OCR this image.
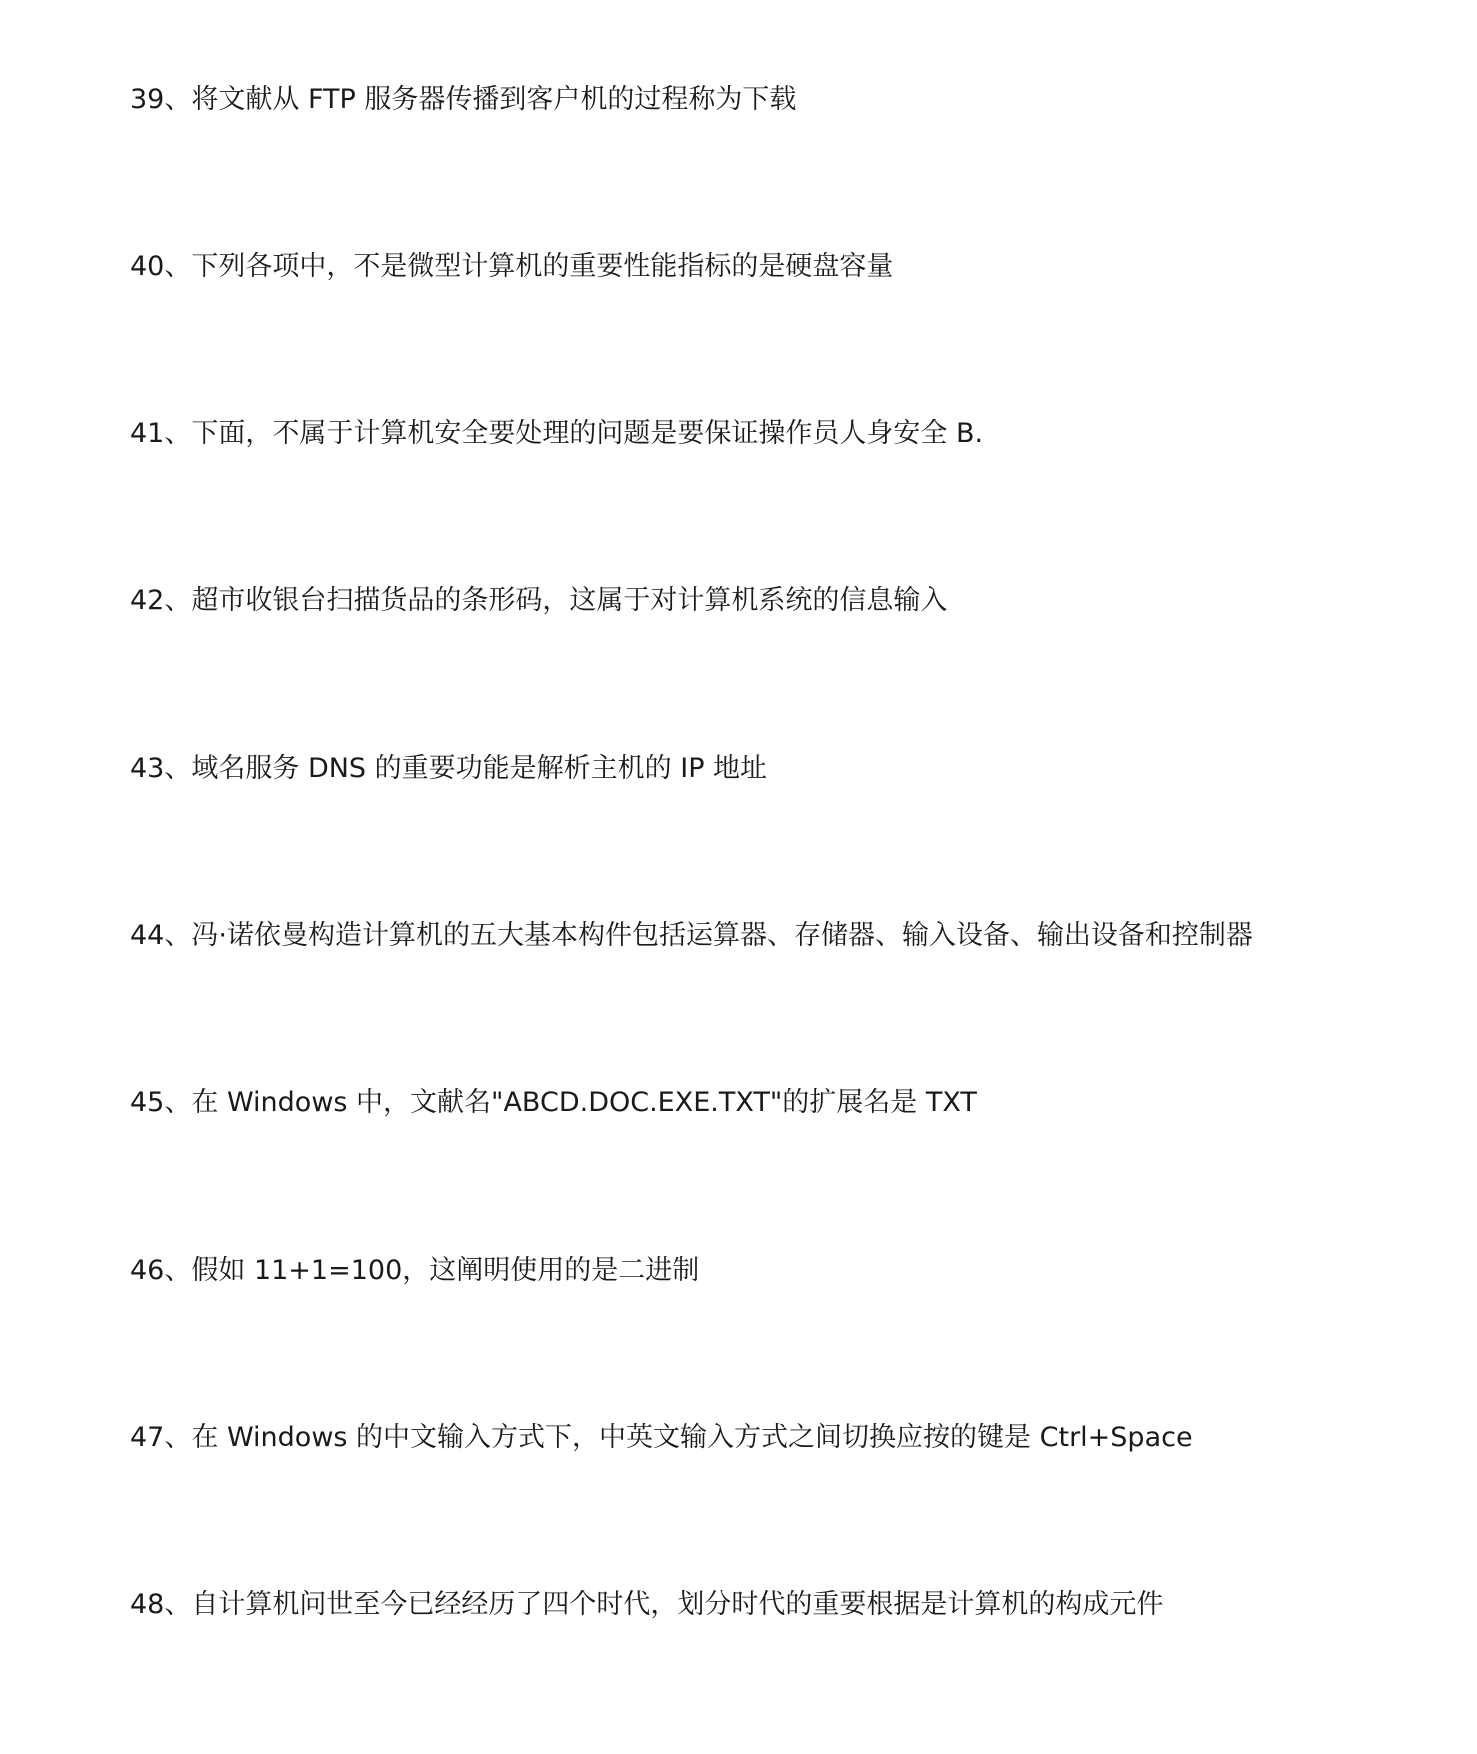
39、将文献从 FTP 服务器传播到客户机的过程称为下载
40、下列各项中，不是微型计算机的重要性能指标的是硬盘容量
41、下面，不属于计算机安全要处理的问题是要保证操作员人身安全 B.
42、超市收银台扫描货品的条形码，这属于对计算机系统的信息输入
43、域名服务 DNS 的重要功能是解析主机的 IP 地址
44、冯·诺依曼构造计算机的五大基本构件包括运算器、存储器、输入设备、输出设备和控制器
45、在 Windows 中，文献名"ABCD.DOC.EXE.TXT"的扩展名是 TXT
46、假如 11+1=100，这阐明使用的是二进制
47、在 Windows 的中文输入方式下，中英文输入方式之间切换应按的键是 Ctrl+Space
48、自计算机问世至今已经经历了四个时代，划分时代的重要根据是计算机的构成元件
